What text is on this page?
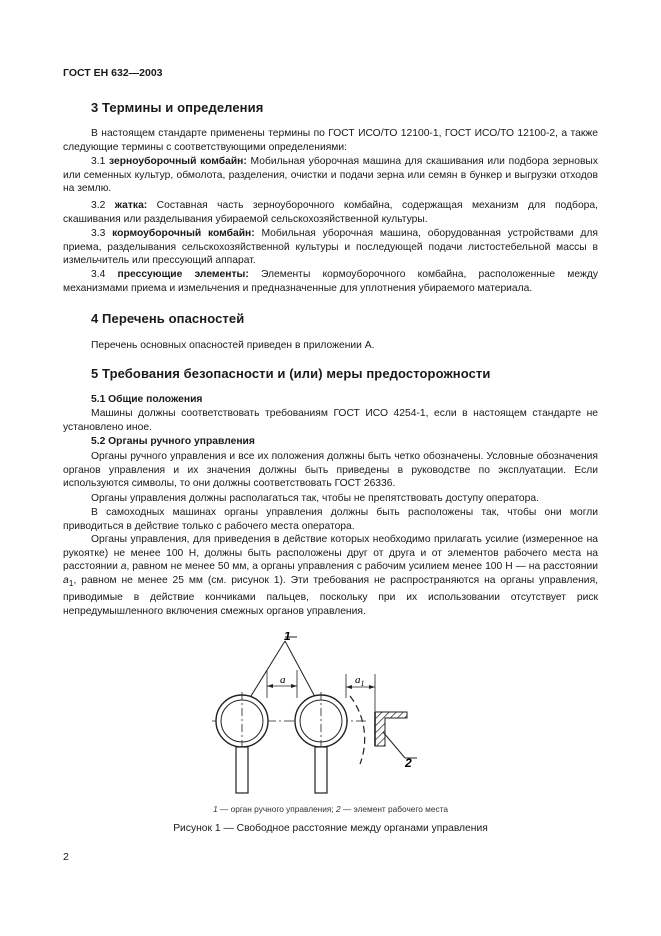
ГОСТ ЕН 632—2003
3 Термины и определения
В настоящем стандарте применены термины по ГОСТ ИСО/ТО 12100-1, ГОСТ ИСО/ТО 12100-2, а также следующие термины с соответствующими определениями:
3.1 зерноуборочный комбайн: Мобильная уборочная машина для скашивания или подбора зерновых или семенных культур, обмолота, разделения, очистки и подачи зерна или семян в бункер и выгрузки отходов на землю.
3.2 жатка: Составная часть зерноуборочного комбайна, содержащая механизм для подбора, скашивания или разделывания убираемой сельскохозяйственной культуры.
3.3 кормоуборочный комбайн: Мобильная уборочная машина, оборудованная устройствами для приема, разделывания сельскохозяйственной культуры и последующей подачи листостебельной массы в измельчитель или прессующий аппарат.
3.4 прессующие элементы: Элементы кормоуборочного комбайна, расположенные между механизмами приема и измельчения и предназначенные для уплотнения убираемого материала.
4 Перечень опасностей
Перечень основных опасностей приведен в приложении А.
5 Требования безопасности и (или) меры предосторожности
5.1 Общие положения
Машины должны соответствовать требованиям ГОСТ ИСО 4254-1, если в настоящем стандарте не установлено иное.
5.2 Органы ручного управления
Органы ручного управления и все их положения должны быть четко обозначены. Условные обозначения органов управления и их значения должны быть приведены в руководстве по эксплуатации. Если используются символы, то они должны соответствовать ГОСТ 26336.
Органы управления должны располагаться так, чтобы не препятствовать доступу оператора.
В самоходных машинах органы управления должны быть расположены так, чтобы они могли приводиться в действие только с рабочего места оператора.
Органы управления, для приведения в действие которых необходимо прилагать усилие (измеренное на рукоятке) не менее 100 Н, должны быть расположены друг от друга и от элементов рабочего места на расстоянии а, равном не менее 50 мм, а органы управления с рабочим усилием менее 100 Н — на расстоянии $а_1$, равном не менее 25 мм (см. рисунок 1). Эти требования не распространяются на органы управления, приводимые в действие кончиками пальцев, поскольку при их использовании отсутствует риск непредумышленного включения смежных органов управления.
1
a	$a_1$
2
1 — орган ручного управления; 2 — элемент рабочего места
Рисунок 1 — Свободное расстояние между органами управления
2
